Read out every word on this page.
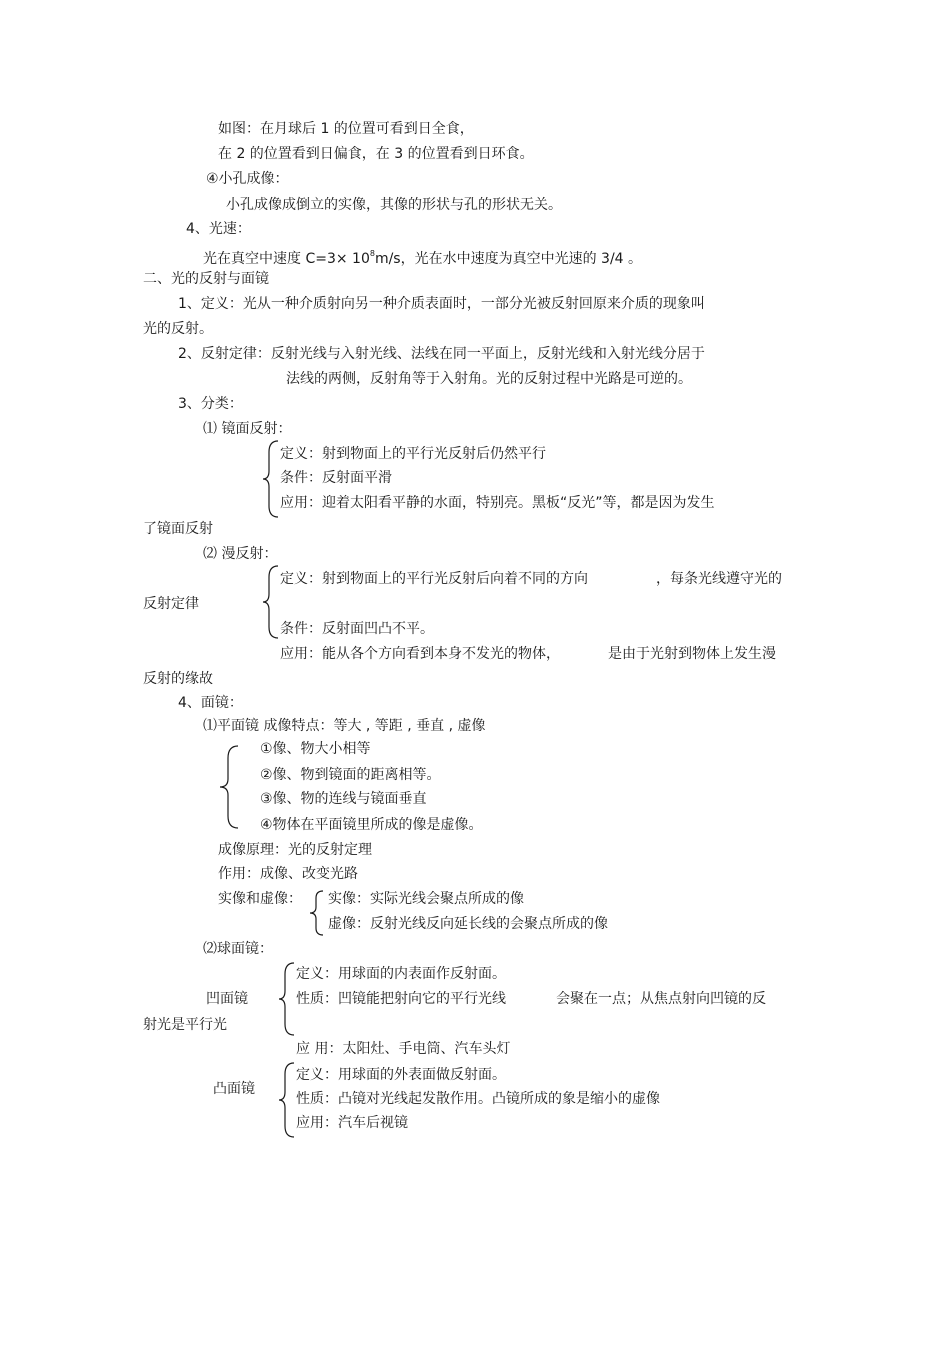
如图：在月球后 1 的位置可看到日全食，
在 2 的位置看到日偏食，在 3 的位置看到日环食。
④小孔成像：
小孔成像成倒立的实像，其像的形状与孔的形状无关。
4、光速：
光在真空中速度 $C=3\times 10^8m/s$，光在水中速度为真空中光速的 3/4 。
二、光的反射与面镜
1、定义：光从一种介质射向另一种介质表面时，一部分光被反射回原来介质的现象叫
光的反射。
2、反射定律：反射光线与入射光线、法线在同一平面上，反射光线和入射光线分居于
法线的两侧，反射角等于入射角。光的反射过程中光路是可逆的。
3、分类：
⑴ 镜面反射：
定义：射到物面上的平行光反射后仍然平行
条件：反射面平滑
应用：迎着太阳看平静的水面，特别亮。黑板“反光”等，都是因为发生
了镜面反射
⑵ 漫反射：
定义：射到物面上的平行光反射后向着不同的方向	，每条光线遵守光的
反射定律
条件：反射面凹凸不平。
应用：能从各个方向看到本身不发光的物体，	是由于光射到物体上发生漫
反射的缘故
4、面镜：
⑴平面镜 成像特点：等大 , 等距 , 垂直 , 虚像
①像、物大小相等
②像、物到镜面的距离相等。
③像、物的连线与镜面垂直
④物体在平面镜里所成的像是虚像。
成像原理：光的反射定理
作用：成像、改变光路
实像和虚像： 实像：实际光线会聚点所成的像
虚像：反射光线反向延长线的会聚点所成的像
⑵球面镜：
凹面镜
定义：用球面的内表面作反射面。
性质：凹镜能把射向它的平行光线	会聚在一点；从焦点射向凹镜的反
射光是平行光
应 用：太阳灶、手电筒、汽车头灯
凸面镜
定义：用球面的外表面做反射面。
性质：凸镜对光线起发散作用。凸镜所成的象是缩小的虚像
应用：汽车后视镜
